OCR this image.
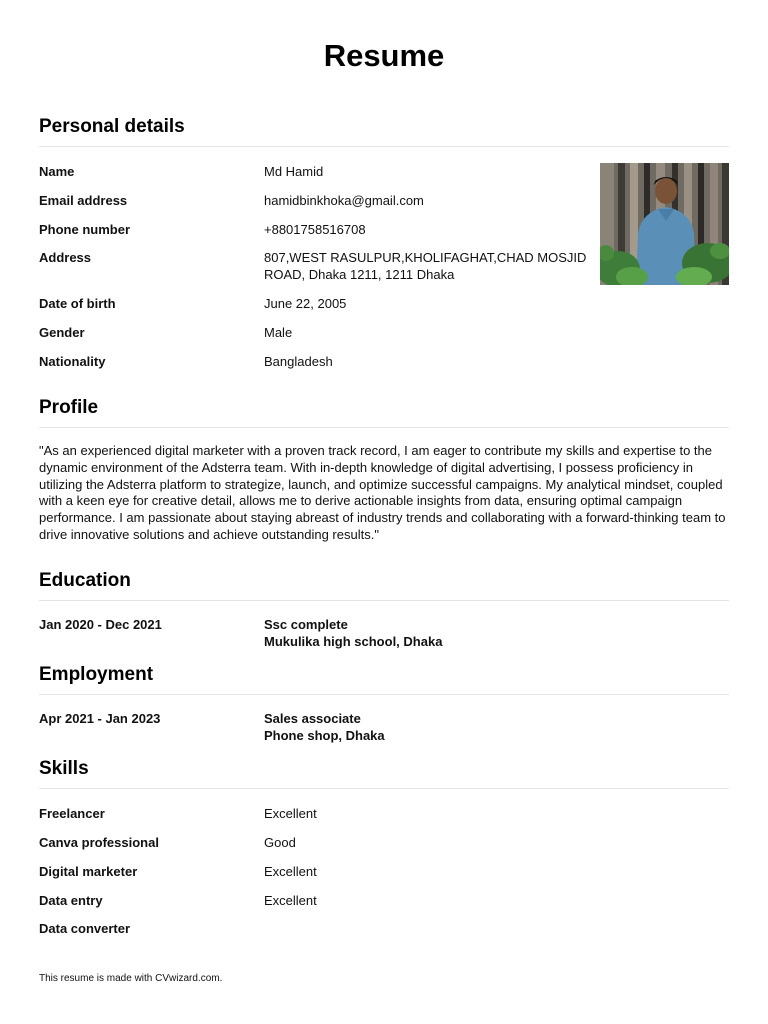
Resume
Personal details
Name	Md Hamid
Email address	hamidbinkhoka@gmail.com
Phone number	+8801758516708
Address	807,WEST RASULPUR,KHOLIFAGHAT,CHAD MOSJID ROAD, Dhaka 1211, 1211 Dhaka
Date of birth	June 22, 2005
Gender	Male
Nationality	Bangladesh
Profile
"As an experienced digital marketer with a proven track record, I am eager to contribute my skills and expertise to the dynamic environment of the Adsterra team. With in-depth knowledge of digital advertising, I possess proficiency in utilizing the Adsterra platform to strategize, launch, and optimize successful campaigns. My analytical mindset, coupled with a keen eye for creative detail, allows me to derive actionable insights from data, ensuring optimal campaign performance. I am passionate about staying abreast of industry trends and collaborating with a forward-thinking team to drive innovative solutions and achieve outstanding results."
Education
Jan 2020 - Dec 2021	Ssc complete
Mukulika high school, Dhaka
Employment
Apr 2021 - Jan 2023	Sales associate
Phone shop, Dhaka
Skills
Freelancer	Excellent
Canva professional	Good
Digital marketer	Excellent
Data entry	Excellent
Data converter
This resume is made with CVwizard.com.
